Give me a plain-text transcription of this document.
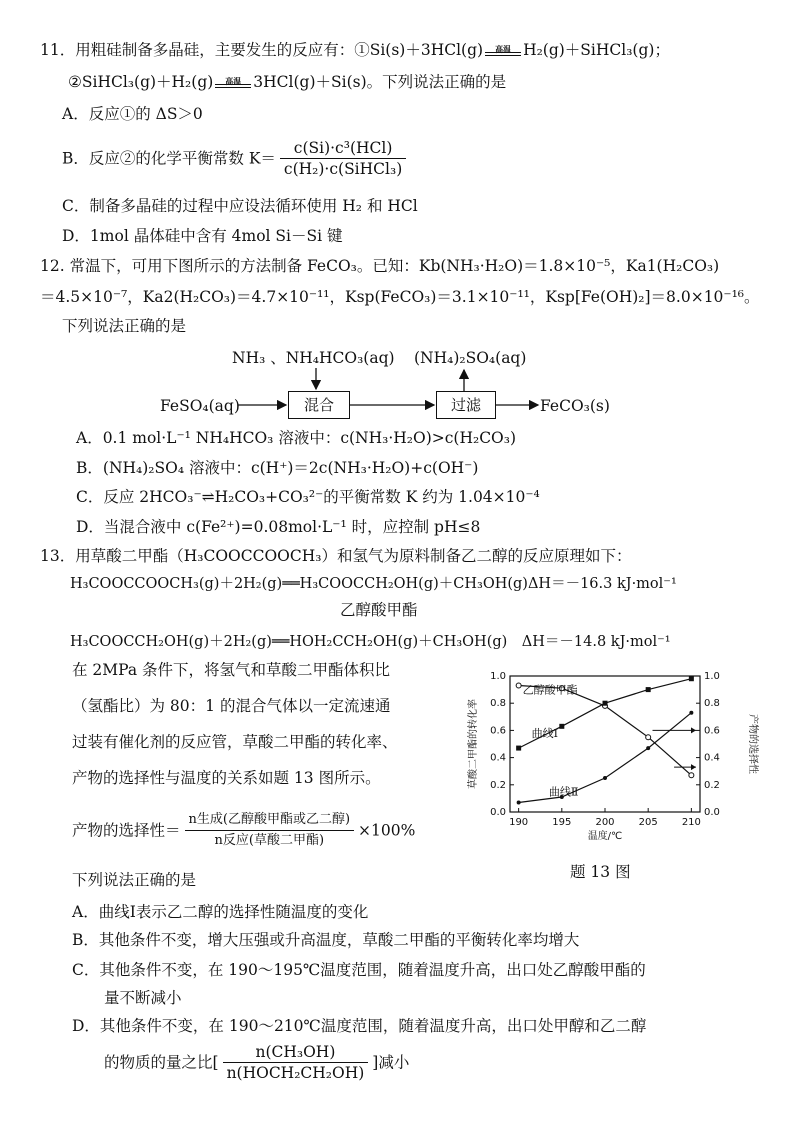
11．用粗硅制备多晶硅，主要发生的反应有：①Si(s)＋3HCl(g)	高温 H₂(g)＋SiHCl₃(g)；
②SiHCl₃(g)＋H₂(g)	高温 3HCl(g)＋Si(s)。下列说法正确的是
A．反应①的 ΔS＞0
B．反应②的化学平衡常数 $K= \frac{\text{c(Si)·c³(HCl)}}{\text{c(H₂)·c(SiHCl₃)}}$
C．制备多晶硅的过程中应设法循环使用 H₂ 和 HCl
D．1mol 晶体硅中含有 4mol Si－Si 键
12. 常温下，可用下图所示的方法制备 FeCO₃。已知：Kb(NH₃·H₂O)＝1.8×10⁻⁵，Ka1(H₂CO₃)
＝4.5×10⁻⁷，Ka2(H₂CO₃)＝4.7×10⁻¹¹，Ksp(FeCO₃)＝3.1×10⁻¹¹，Ksp[Fe(OH)₂]＝8.0×10⁻¹⁶。
下列说法正确的是
NH₃ 、NH₄HCO₃(aq) (NH₄)₂SO₄(aq)
FeSO₄(aq)	混合	过滤	FeCO₃(s)
A．0.1 mol·L⁻¹ NH₄HCO₃ 溶液中：c(NH₃·H₂O)>c(H₂CO₃)
B．(NH₄)₂SO₄ 溶液中：c(H⁺)＝2c(NH₃·H₂O)+c(OH⁻)
C．反应 2HCO₃⁻⇌H₂CO₃+CO₃²⁻的平衡常数 K 约为 1.04×10⁻⁴
D．当混合液中 c(Fe²⁺)=0.08mol·L⁻¹ 时，应控制 pH≤8
13．用草酸二甲酯（H₃COOCCOOCH₃）和氢气为原料制备乙二醇的反应原理如下：
H₃COOCCOOCH₃(g)＋2H₂(g)══H₃COOCCH₂OH(g)＋CH₃OH(g)ΔH＝－16.3 kJ·mol⁻¹
乙醇酸甲酯
H₃COOCCH₂OH(g)＋2H₂(g)══HOH₂CCH₂OH(g)＋CH₃OH(g)　ΔH＝－14.8 kJ·mol⁻¹
在 2MPa 条件下，将氢气和草酸二甲酯体积比
（氢酯比）为 80：1 的混合气体以一定流速通
过装有催化剂的反应管，草酸二甲酯的转化率、
产物的选择性与温度的关系如题 13 图所示。
产物的选择性＝ $\frac{\text{n生成(乙醇酸甲酯或乙二醇)}}{\text{n反应(草酸二甲酯)}} \times 100\%$
0.0	0.0
0.2	0.2
0.4	0.4
0.6	0.6
0.8	0.8
1.0	1.0
190 195 200 205 210
温度/℃
草酸二甲酯的转化率	产物的选择性
乙醇酸甲酯
曲线Ⅰ
曲线Ⅱ
题 13 图
下列说法正确的是
A．曲线Ⅰ表示乙二醇的选择性随温度的变化
B．其他条件不变，增大压强或升高温度，草酸二甲酯的平衡转化率均增大
C．其他条件不变，在 190～195℃温度范围，随着温度升高，出口处乙醇酸甲酯的
量不断减小
D．其他条件不变，在 190～210℃温度范围，随着温度升高，出口处甲醇和乙二醇
的物质的量之比[ $\frac{\text{n(CH₃OH)}}{\text{n(HOCH₂CH₂OH)}}$ ]减小
